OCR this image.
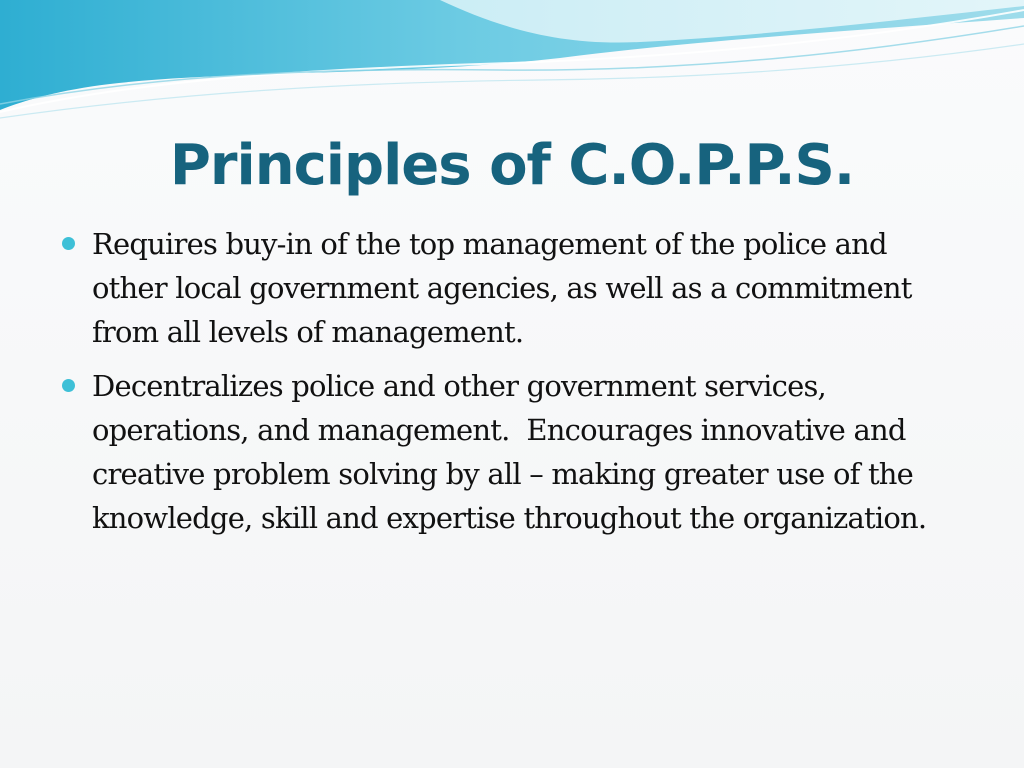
Principles of C.O.P.P.S.
Requires buy-in of the top management of the police and other local government agencies, as well as a commitment from all levels of management.
Decentralizes police and other government services, operations, and management.  Encourages innovative and creative problem solving by all – making greater use of the knowledge, skill and expertise throughout the organization.
